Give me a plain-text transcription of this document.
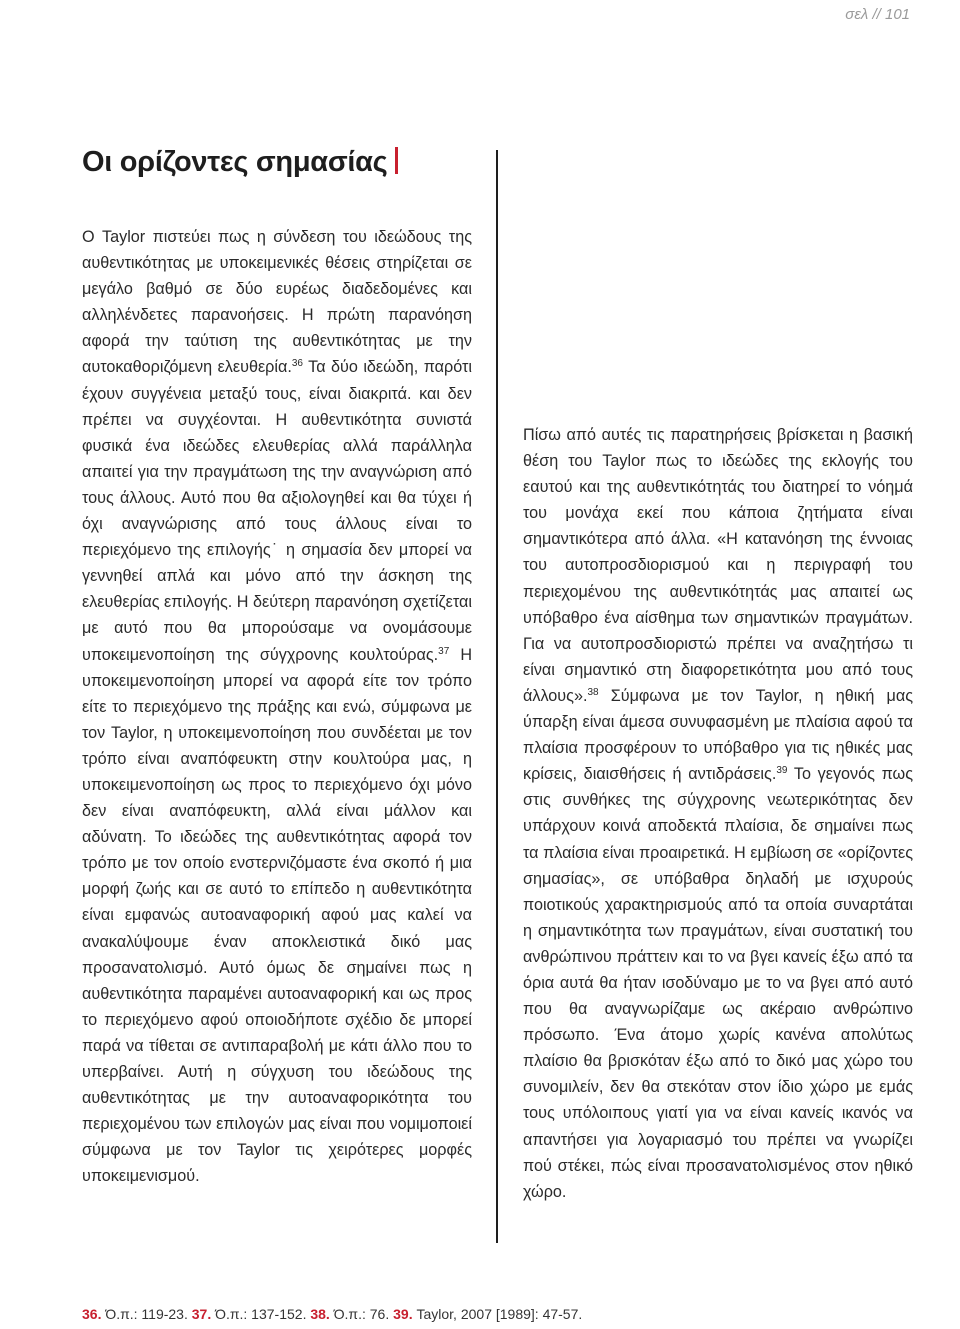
σελ // 101
Οι ορίζοντες σημασίας

Ο Taylor πιστεύει πως η σύνδεση του ιδεώδους της αυθεντικότητας με υποκειμενικές θέσεις στηρίζεται σε μεγάλο βαθμό σε δύο ευρέως διαδεδομένες και αλληλένδετες παρανοήσεις. Η πρώτη παρανόηση αφορά την ταύτιση της αυθεντικότητας με την αυτοκαθοριζόμενη ελευθερία.$^{36}$ Τα δύο ιδεώδη, παρότι έχουν συγγένεια μεταξύ τους, είναι διακριτά. και δεν πρέπει να συγχέονται. Η αυθεντικότητα συνιστά φυσικά ένα ιδεώδες ελευθερίας αλλά παράλληλα απαιτεί για την πραγμάτωση της την αναγνώριση από τους άλλους. Αυτό που θα αξιολογηθεί και θα τύχει ή όχι αναγνώρισης από τους άλλους είναι το περιεχόμενο της επιλογής˙ η σημασία δεν μπορεί να γεννηθεί απλά και μόνο από την άσκηση της ελευθερίας επιλογής. Η δεύτερη παρανόηση σχετίζεται με αυτό που θα μπορούσαμε να ονομάσουμε υποκειμενοποίηση της σύγχρονης κουλτούρας.$^{37}$ Η υποκειμενοποίηση μπορεί να αφορά είτε τον τρόπο είτε το περιεχόμενο της πράξης και ενώ, σύμφωνα με τον Taylor, η υποκειμενοποίηση που συνδέεται με τον τρόπο είναι αναπόφευκτη στην κουλτούρα μας, η υποκειμενοποίηση ως προς το περιεχόμενο όχι μόνο δεν είναι αναπόφευκτη, αλλά είναι μάλλον και αδύνατη. Το ιδεώδες της αυθεντικότητας αφορά τον τρόπο με τον οποίο ενστερνιζόμαστε ένα σκοπό ή μια μορφή ζωής και σε αυτό το επίπεδο η αυθεντικότητα είναι εμφανώς αυτοαναφορική αφού μας καλεί να ανακαλύψουμε έναν αποκλειστικά δικό μας προσανατολισμό. Αυτό όμως δε σημαίνει πως η αυθεντικότητα παραμένει αυτοαναφορική και ως προς το περιεχόμενο αφού οποιοδήποτε σχέδιο δε μπορεί παρά να τίθεται σε αντιπαραβολή με κάτι άλλο που το υπερβαίνει. Αυτή η σύγχυση του ιδεώδους της αυθεντικότητας με την αυτοαναφορικότητα του περιεχομένου των επιλογών μας είναι που νομιμοποιεί σύμφωνα με τον Taylor τις χειρότερες μορφές υποκειμενισμού.

Πίσω από αυτές τις παρατηρήσεις βρίσκεται η βασική θέση του Taylor πως το ιδεώδες της εκλογής του εαυτού και της αυθεντικότητάς του διατηρεί το νόημά του μονάχα εκεί που κάποια ζητήματα είναι σημαντικότερα από άλλα. «Η κατανόηση της έννοιας του αυτοπροσδιορισμού και η περιγραφή του περιεχομένου της αυθεντικότητάς μας απαιτεί ως υπόβαθρο ένα αίσθημα των σημαντικών πραγμάτων. Για να αυτοπροσδιοριστώ πρέπει να αναζητήσω τι είναι σημαντικό στη διαφορετικότητα μου από τους άλλους».$^{38}$ Σύμφωνα με τον Taylor, η ηθική μας ύπαρξη είναι άμεσα συνυφασμένη με πλαίσια αφού τα πλαίσια προσφέρουν το υπόβαθρο για τις ηθικές μας κρίσεις, διαισθήσεις ή αντιδράσεις.$^{39}$ Το γεγονός πως στις συνθήκες της σύγχρονης νεωτερικότητας δεν υπάρχουν κοινά αποδεκτά πλαίσια, δε σημαίνει πως τα πλαίσια είναι προαιρετικά. Η εμβίωση σε «ορίζοντες σημασίας», σε υπόβαθρα δηλαδή με ισχυρούς ποιοτικούς χαρακτηρισμούς από τα οποία συναρτάται η σημαντικότητα των πραγμάτων, είναι συστατική του ανθρώπινου πράττειν και το να βγει κανείς έξω από τα όρια αυτά θα ήταν ισοδύναμο με το να βγει από αυτό που θα αναγνωρίζαμε ως ακέραιο ανθρώπινο πρόσωπο. Ένα άτομο χωρίς κανένα απολύτως πλαίσιο θα βρισκόταν έξω από το δικό μας χώρο του συνομιλείν, δεν θα στεκόταν στον ίδιο χώρο με εμάς τους υπόλοιπους γιατί για να είναι κανείς ικανός να απαντήσει για λογαριασμό του πρέπει να γνωρίζει πού στέκει, πώς είναι προσανατολισμένος στον ηθικό χώρο.

36. Ό.π.: 119-23. 37. Ό.π.: 137-152. 38. Ό.π.: 76. 39. Taylor, 2007 [1989]: 47-57.
